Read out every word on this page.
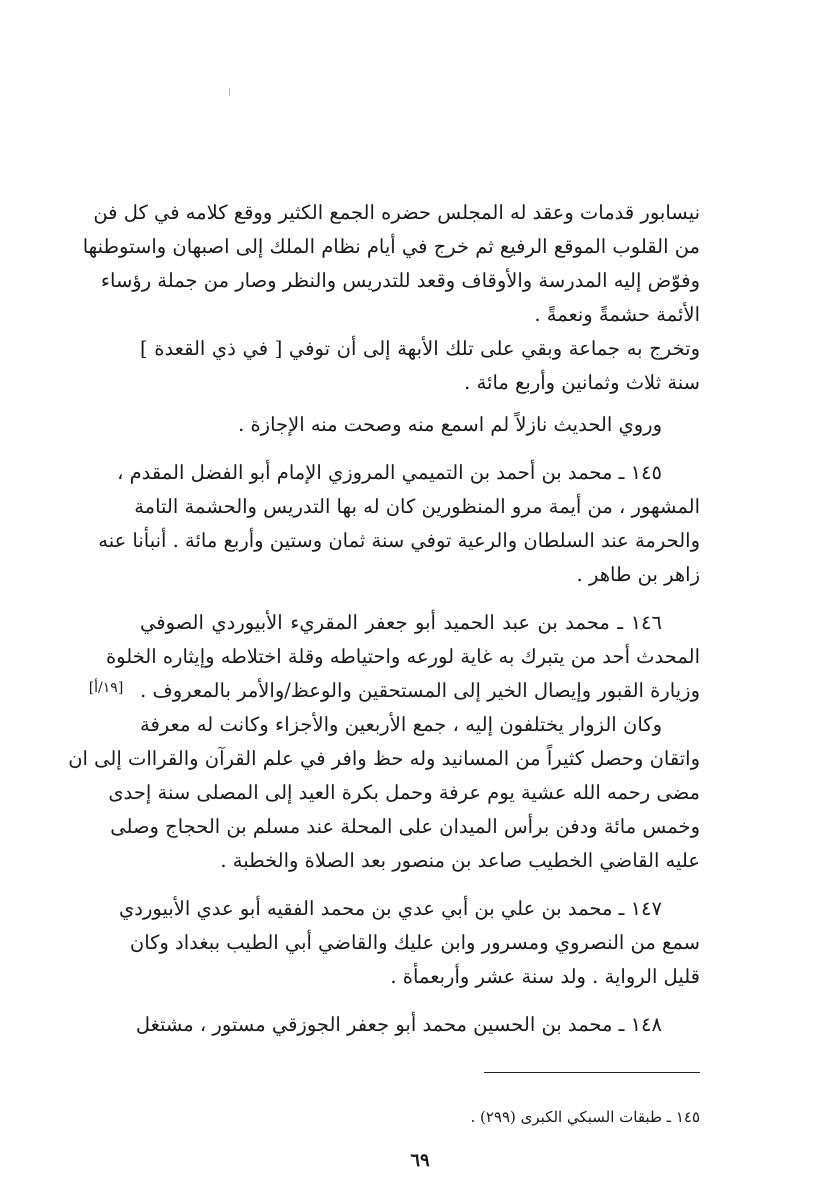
نيسابور قدمات وعقد له المجلس حضره الجمع الكثير ووقع كلامه في كل فن
من القلوب الموقع الرفيع ثم خرج في أيام نظام الملك إلى اصبهان واستوطنها
وفوّض إليه المدرسة والأوقاف وقعد للتدريس والنظر وصار من جملة رؤساء
الأئمة حشمةً ونعمةً .
وتخرج به جماعة وبقي على تلك الأبهة إلى أن توفي [ في ذي القعدة ]
سنة ثلاث وثمانين وأربع مائة .
وروي الحديث نازلاً لم اسمع منه وصحت منه الإجازة .
١٤٥ ـ محمد بن أحمد بن التميمي المروزي الإمام أبو الفضل المقدم ،
المشهور ، من أيمة مرو المنظورين كان له بها التدريس والحشمة التامة
والحرمة عند السلطان والرعية توفي سنة ثمان وستين وأربع مائة . أنبأنا عنه
زاهر بن طاهر .
١٤٦ ـ محمد بن عبد الحميد أبو جعفر المقريء الأبيوردي الصوفي
المحدث أحد من يتبرك به غاية لورعه واحتياطه وقلة اختلاطه وإيثاره الخلوة
وزيارة القبور وإيصال الخير إلى المستحقين والوعظ/والأمر بالمعروف .
وكان الزوار يختلفون إليه ، جمع الأربعين والأجزاء وكانت له معرفة
واتقان وحصل كثيراً من المسانيد وله حظ وافر في علم القرآن والقراات إلى ان
مضى رحمه الله عشية يوم عرفة وحمل بكرة العيد إلى المصلى سنة إحدى
وخمس مائة ودفن برأس الميدان على المحلة عند مسلم بن الحجاج وصلى
عليه القاضي الخطيب صاعد بن منصور بعد الصلاة والخطبة .
١٤٧ ـ محمد بن علي بن أبي عدي بن محمد الفقيه أبو عدي الأبيوردي
سمع من النصروي ومسرور وابن عليك والقاضي أبي الطيب ببغداد وكان
قليل الرواية . ولد سنة عشر وأربعمأة .
١٤٨ ـ محمد بن الحسين محمد أبو جعفر الجوزقي مستور ، مشتغل
[١٩/أ]
١٤٥ ـ طبقات السبكي الكبرى (٢٩٩) .
٦٩
